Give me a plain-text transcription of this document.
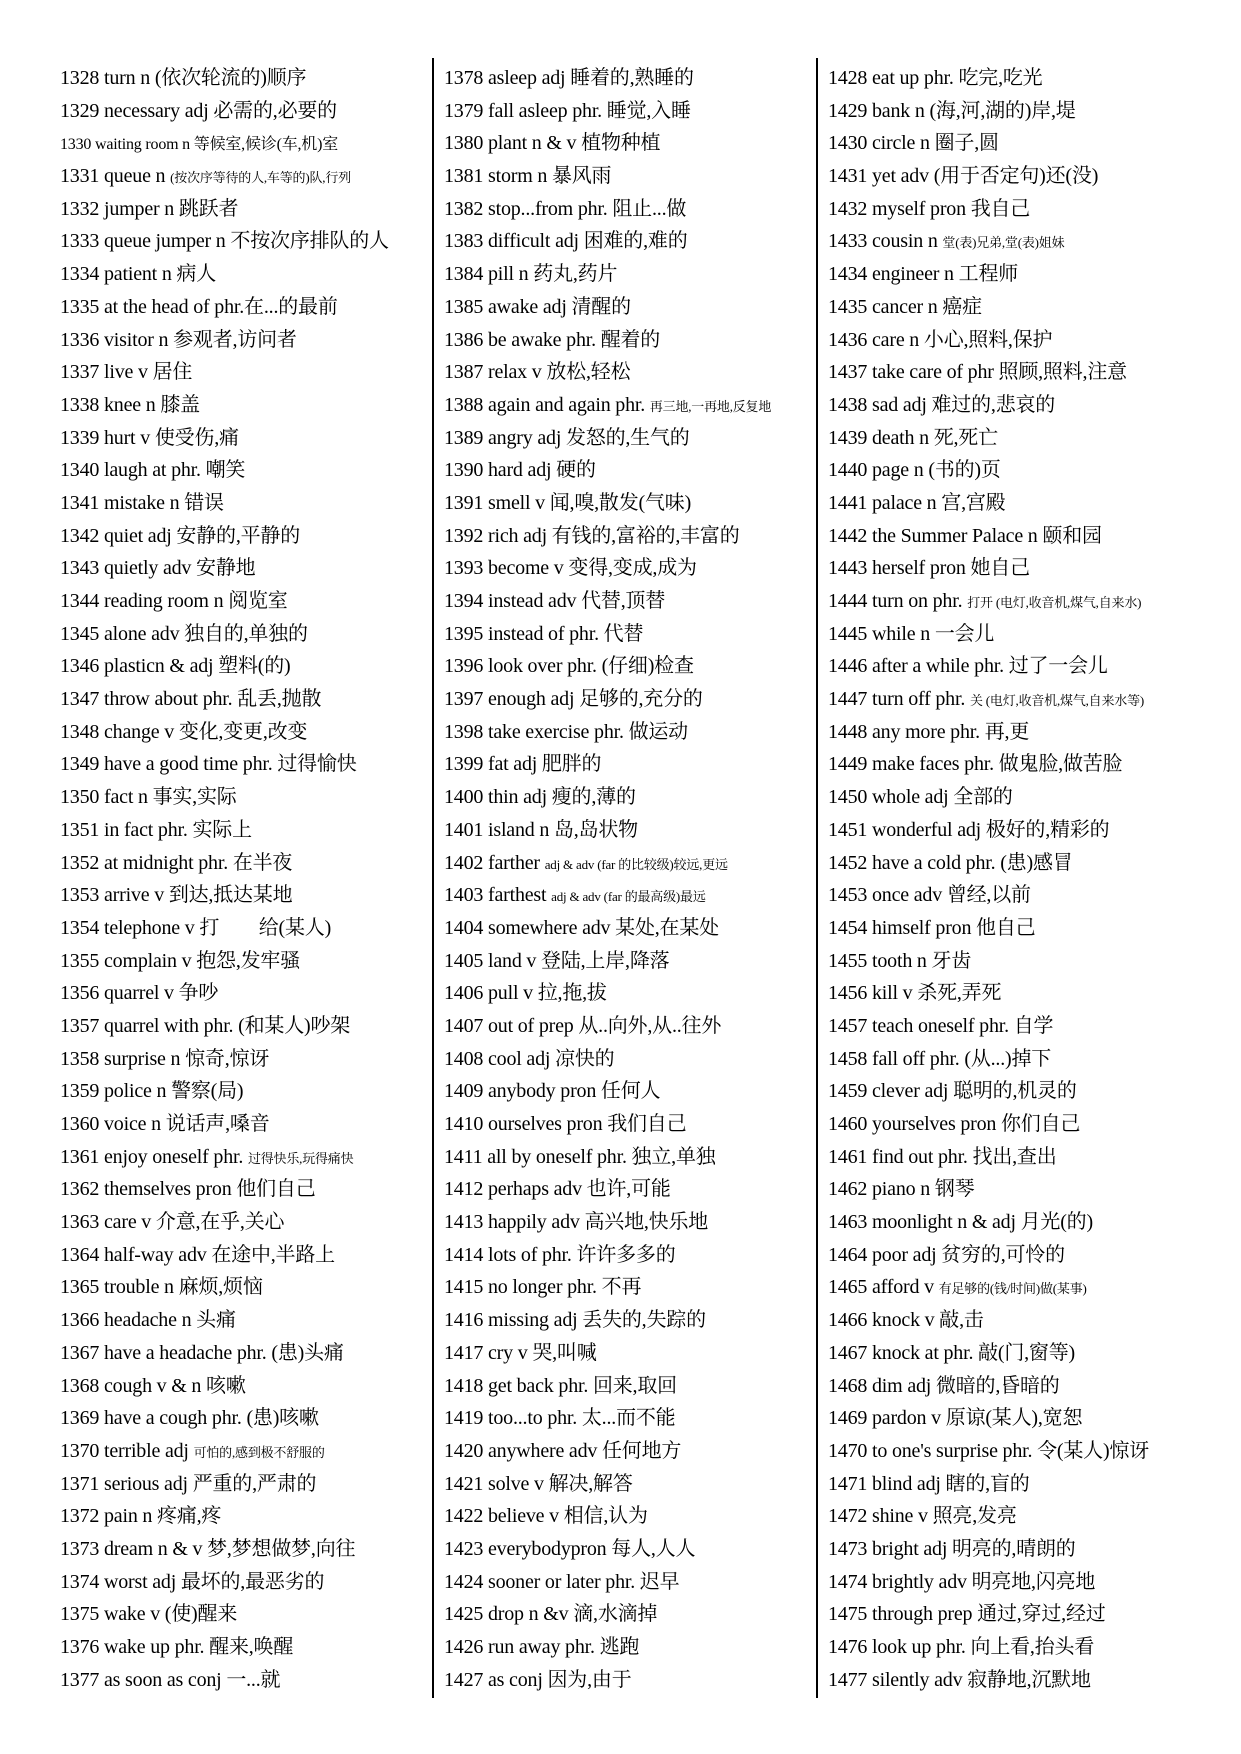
1328 turn n (依次轮流的)顺序
1329 necessary adj 必需的,必要的
1330 waiting room n 等候室,候诊(车,机)室
1331 queue n (按次序等待的人,车等的)队,行列
1332 jumper n 跳跃者
1333 queue jumper n 不按次序排队的人
1334 patient n 病人
1335 at the head of phr.在...的最前
1336 visitor n 参观者,访问者
1337 live v 居住
1338 knee n 膝盖
1339 hurt v 使受伤,痛
1340 laugh at phr. 嘲笑
1341 mistake n 错误
1342 quiet adj 安静的,平静的
1343 quietly adv 安静地
1344 reading room n 阅览室
1345 alone adv 独自的,单独的
1346 plasticn & adj 塑料(的)
1347 throw about phr. 乱丢,抛散
1348 change v 变化,变更,改变
1349 have a good time phr. 过得愉快
1350 fact n 事实,实际
1351 in fact phr. 实际上
1352 at midnight phr. 在半夜
1353 arrive v 到达,抵达某地
1354 telephone v 打　　给(某人)
1355 complain v 抱怨,发牢骚
1356 quarrel v 争吵
1357 quarrel with phr. (和某人)吵架
1358 surprise n 惊奇,惊讶
1359 police n 警察(局)
1360 voice n 说话声,嗓音
1361 enjoy oneself phr. 过得快乐,玩得痛快
1362 themselves pron 他们自己
1363 care v 介意,在乎,关心
1364 half-way adv 在途中,半路上
1365 trouble n 麻烦,烦恼
1366 headache n 头痛
1367 have a headache phr. (患)头痛
1368 cough v & n 咳嗽
1369 have a cough phr. (患)咳嗽
1370 terrible adj 可怕的,感到极不舒服的
1371 serious adj 严重的,严肃的
1372 pain n 疼痛,疼
1373 dream n & v 梦,梦想做梦,向往
1374 worst adj 最坏的,最恶劣的
1375 wake v (使)醒来
1376 wake up phr. 醒来,唤醒
1377 as soon as conj 一...就
1378 asleep adj 睡着的,熟睡的
1379 fall asleep phr. 睡觉,入睡
1380 plant n & v 植物种植
1381 storm n 暴风雨
1382 stop...from phr. 阻止...做
1383 difficult adj 困难的,难的
1384 pill n 药丸,药片
1385 awake adj 清醒的
1386 be awake phr. 醒着的
1387 relax v 放松,轻松
1388 again and again phr. 再三地,一再地,反复地
1389 angry adj 发怒的,生气的
1390 hard adj 硬的
1391 smell v 闻,嗅,散发(气味)
1392 rich adj 有钱的,富裕的,丰富的
1393 become v 变得,变成,成为
1394 instead adv 代替,顶替
1395 instead of phr. 代替
1396 look over phr. (仔细)检查
1397 enough adj 足够的,充分的
1398 take exercise phr. 做运动
1399 fat adj 肥胖的
1400 thin adj 瘦的,薄的
1401 island n 岛,岛状物
1402 farther adj & adv (far 的比较级)较远,更远
1403 farthest adj & adv (far 的最高级)最远
1404 somewhere adv 某处,在某处
1405 land v 登陆,上岸,降落
1406 pull v 拉,拖,拔
1407 out of prep 从..向外,从..往外
1408 cool adj 凉快的
1409 anybody pron 任何人
1410 ourselves pron 我们自己
1411 all by oneself phr. 独立,单独
1412 perhaps adv 也许,可能
1413 happily adv 高兴地,快乐地
1414 lots of phr. 许许多多的
1415 no longer phr. 不再
1416 missing adj 丢失的,失踪的
1417 cry v 哭,叫喊
1418 get back phr. 回来,取回
1419 too...to phr. 太...而不能
1420 anywhere adv 任何地方
1421 solve v 解决,解答
1422 believe v 相信,认为
1423 everybodypron 每人,人人
1424 sooner or later phr. 迟早
1425 drop n &v 滴,水滴掉
1426 run away phr. 逃跑
1427 as conj 因为,由于
1428 eat up phr. 吃完,吃光
1429 bank n (海,河,湖的)岸,堤
1430 circle n 圈子,圆
1431 yet adv (用于否定句)还(没)
1432 myself pron 我自己
1433 cousin n 堂(表)兄弟,堂(表)姐妹
1434 engineer n 工程师
1435 cancer n 癌症
1436 care n 小心,照料,保护
1437 take care of phr 照顾,照料,注意
1438 sad adj 难过的,悲哀的
1439 death n 死,死亡
1440 page n (书的)页
1441 palace n 宫,宫殿
1442 the Summer Palace n 颐和园
1443 herself pron 她自己
1444 turn on phr. 打开 (电灯,收音机,煤气,自来水)
1445 while n 一会儿
1446 after a while phr. 过了一会儿
1447 turn off phr. 关 (电灯,收音机,煤气,自来水等)
1448 any more phr. 再,更
1449 make faces phr. 做鬼脸,做苦脸
1450 whole adj 全部的
1451 wonderful adj 极好的,精彩的
1452 have a cold phr. (患)感冒
1453 once adv 曾经,以前
1454 himself pron 他自己
1455 tooth n 牙齿
1456 kill v 杀死,弄死
1457 teach oneself phr. 自学
1458 fall off phr. (从...)掉下
1459 clever adj 聪明的,机灵的
1460 yourselves pron 你们自己
1461 find out phr. 找出,查出
1462 piano n 钢琴
1463 moonlight n & adj 月光(的)
1464 poor adj 贫穷的,可怜的
1465 afford v 有足够的(钱/时间)做(某事)
1466 knock v 敲,击
1467 knock at phr. 敲(门,窗等)
1468 dim adj 微暗的,昏暗的
1469 pardon v 原谅(某人),宽恕
1470 to one's surprise phr. 令(某人)惊讶
1471 blind adj 瞎的,盲的
1472 shine v 照亮,发亮
1473 bright adj 明亮的,晴朗的
1474 brightly adv 明亮地,闪亮地
1475 through prep 通过,穿过,经过
1476 look up phr. 向上看,抬头看
1477 silently adv 寂静地,沉默地
